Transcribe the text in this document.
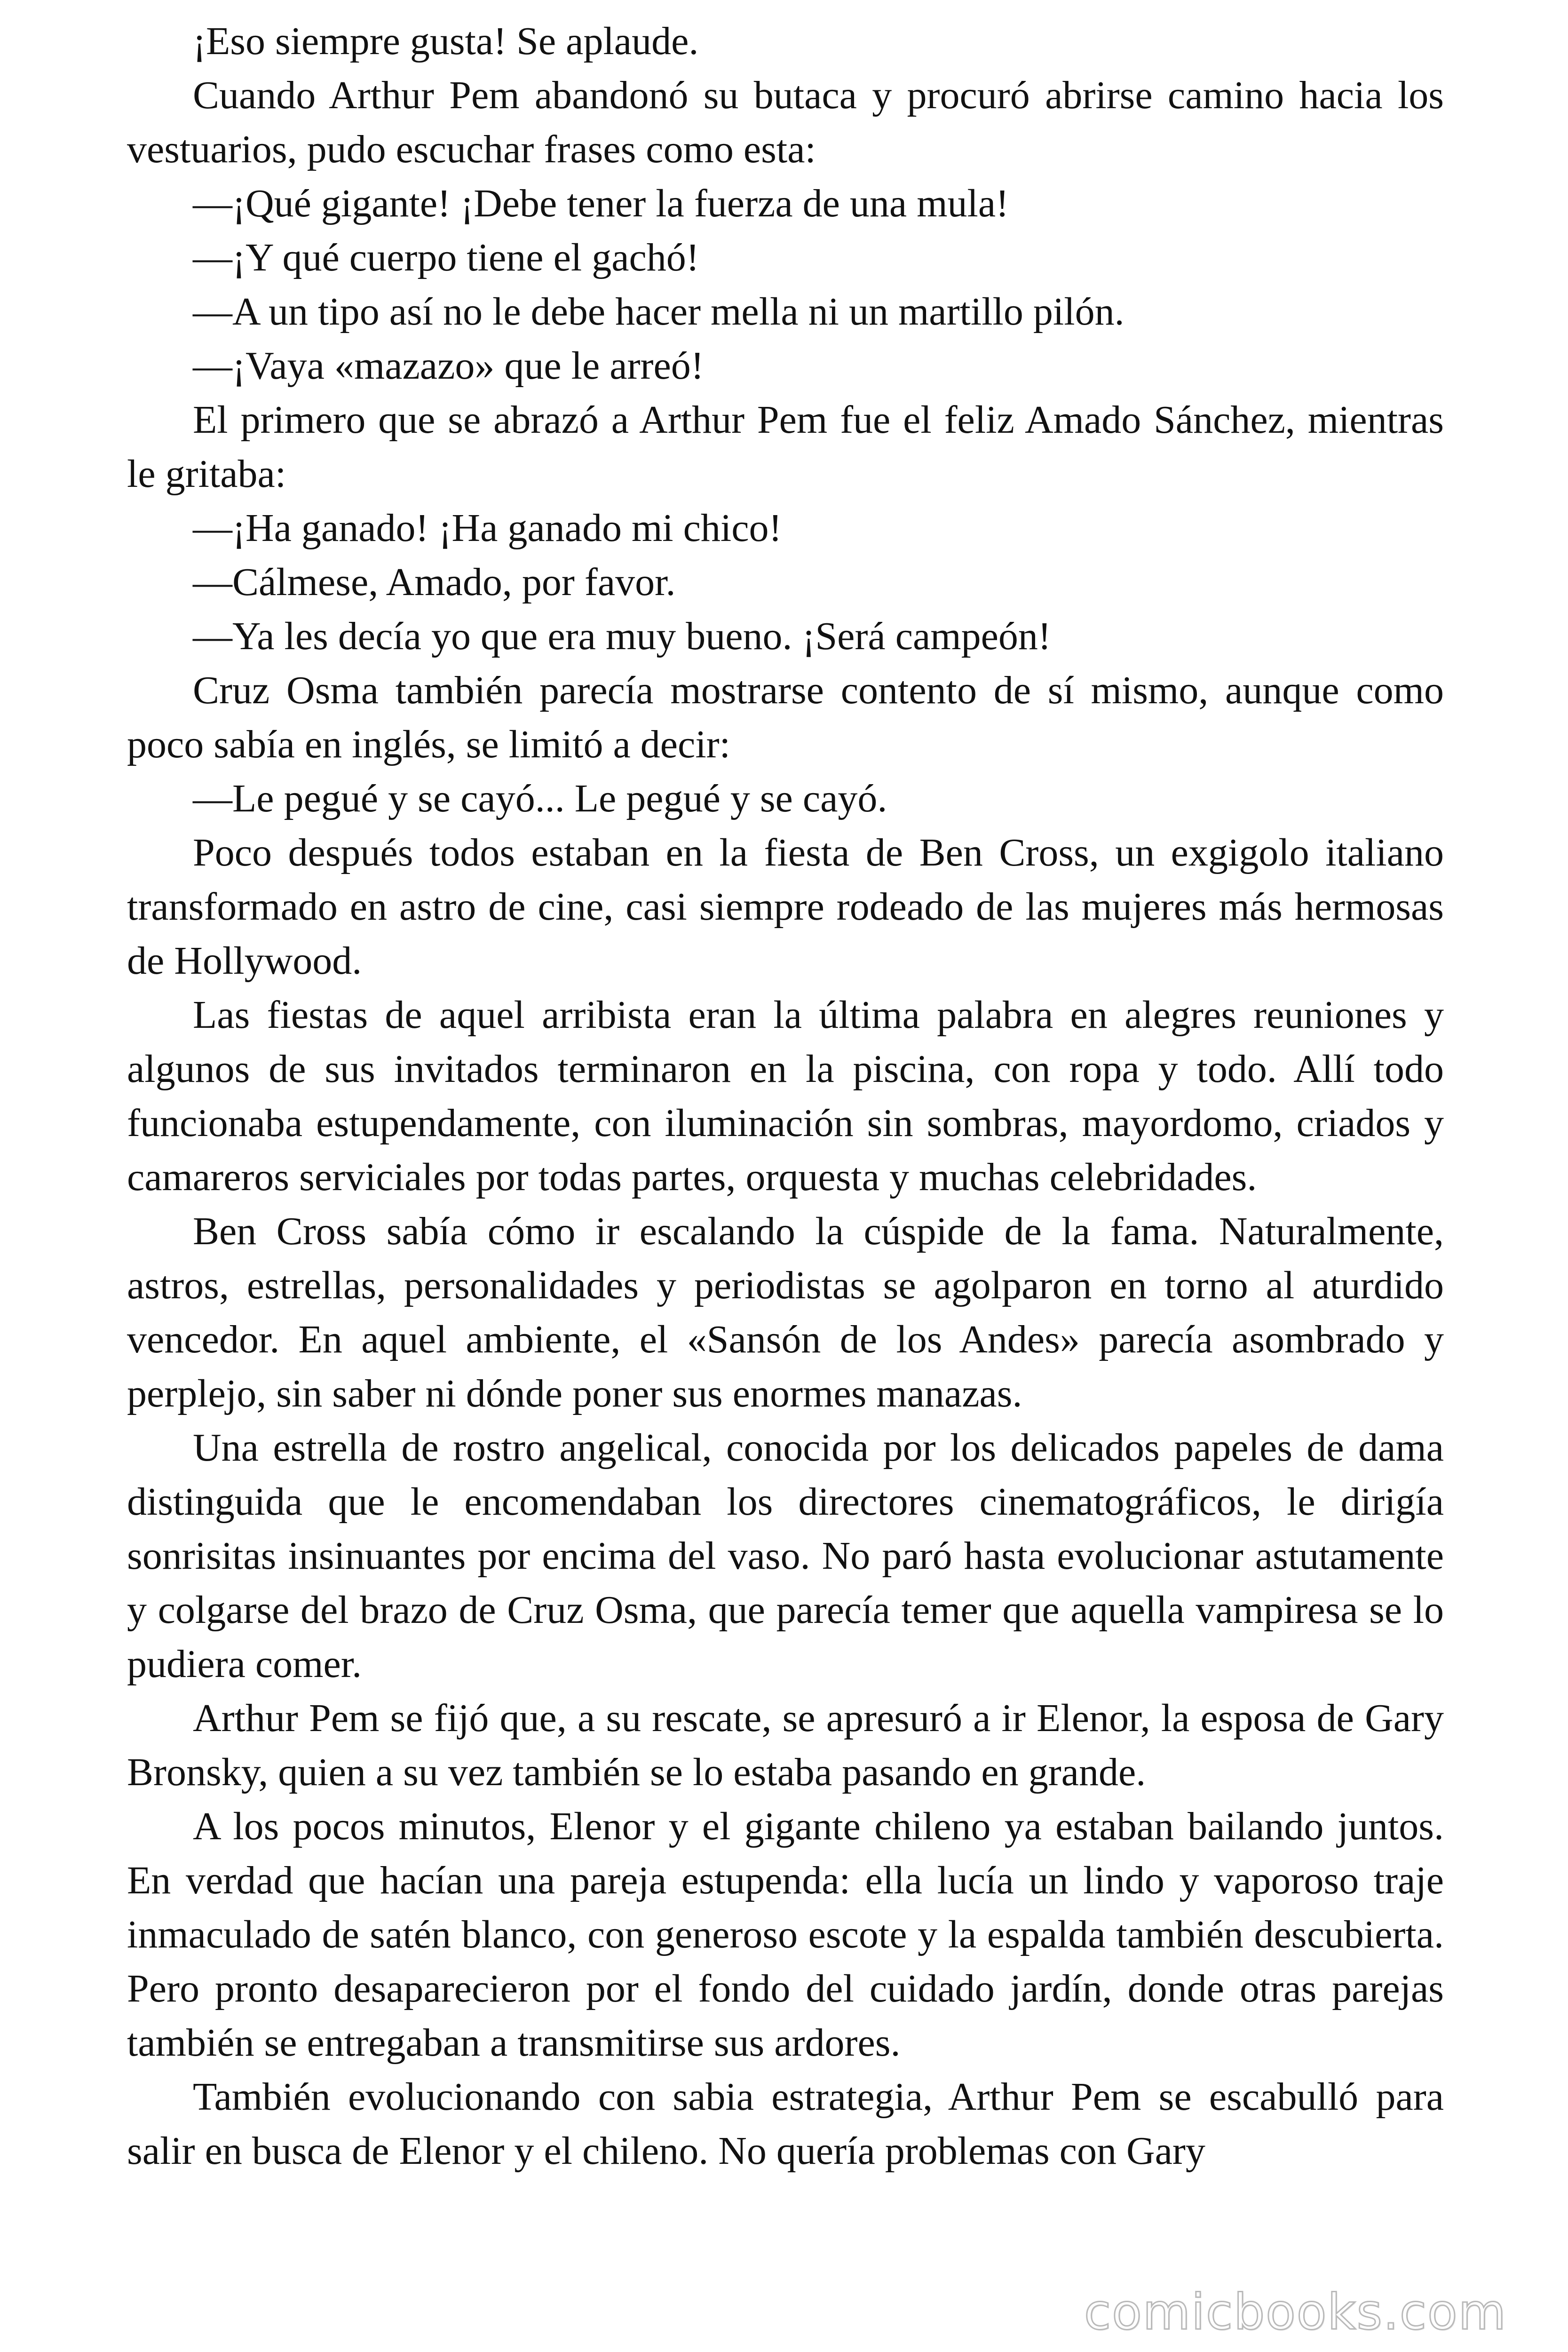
¡Eso siempre gusta! Se aplaude.

Cuando Arthur Pem abandonó su butaca y procuró abrirse camino hacia los vestuarios, pudo escuchar frases como esta:

—¡Qué gigante! ¡Debe tener la fuerza de una mula!

—¡Y qué cuerpo tiene el gachó!

—A un tipo así no le debe hacer mella ni un martillo pilón.

—¡Vaya «mazazo» que le arreó!

El primero que se abrazó a Arthur Pem fue el feliz Amado Sánchez, mientras le gritaba:

—¡Ha ganado! ¡Ha ganado mi chico!

—Cálmese, Amado, por favor.

—Ya les decía yo que era muy bueno. ¡Será campeón!

Cruz Osma también parecía mostrarse contento de sí mismo, aunque como poco sabía en inglés, se limitó a decir:

—Le pegué y se cayó... Le pegué y se cayó.

Poco después todos estaban en la fiesta de Ben Cross, un exgigolo italiano transformado en astro de cine, casi siempre rodeado de las mujeres más hermosas de Hollywood.

Las fiestas de aquel arribista eran la última palabra en alegres reuniones y algunos de sus invitados terminaron en la piscina, con ropa y todo. Allí todo funcionaba estupendamente, con iluminación sin sombras, mayordomo, criados y camareros serviciales por todas partes, orquesta y muchas celebridades.

Ben Cross sabía cómo ir escalando la cúspide de la fama. Naturalmente, astros, estrellas, personalidades y periodistas se agolparon en torno al aturdido vencedor. En aquel ambiente, el «Sansón de los Andes» parecía asombrado y perplejo, sin saber ni dónde poner sus enormes manazas.

Una estrella de rostro angelical, conocida por los delicados papeles de dama distinguida que le encomendaban los directores cinematográficos, le dirigía sonrisitas insinuantes por encima del vaso. No paró hasta evolucionar astutamente y colgarse del brazo de Cruz Osma, que parecía temer que aquella vampiresa se lo pudiera comer.

Arthur Pem se fijó que, a su rescate, se apresuró a ir Elenor, la esposa de Gary Bronsky, quien a su vez también se lo estaba pasando en grande.

A los pocos minutos, Elenor y el gigante chileno ya estaban bailando juntos. En verdad que hacían una pareja estupenda: ella lucía un lindo y vaporoso traje inmaculado de satén blanco, con generoso escote y la espalda también descubierta. Pero pronto desaparecieron por el fondo del cuidado jardín, donde otras parejas también se entregaban a transmitirse sus ardores.

También evolucionando con sabia estrategia, Arthur Pem se escabulló para salir en busca de Elenor y el chileno. No quería problemas con Gary

comicbooks.com
